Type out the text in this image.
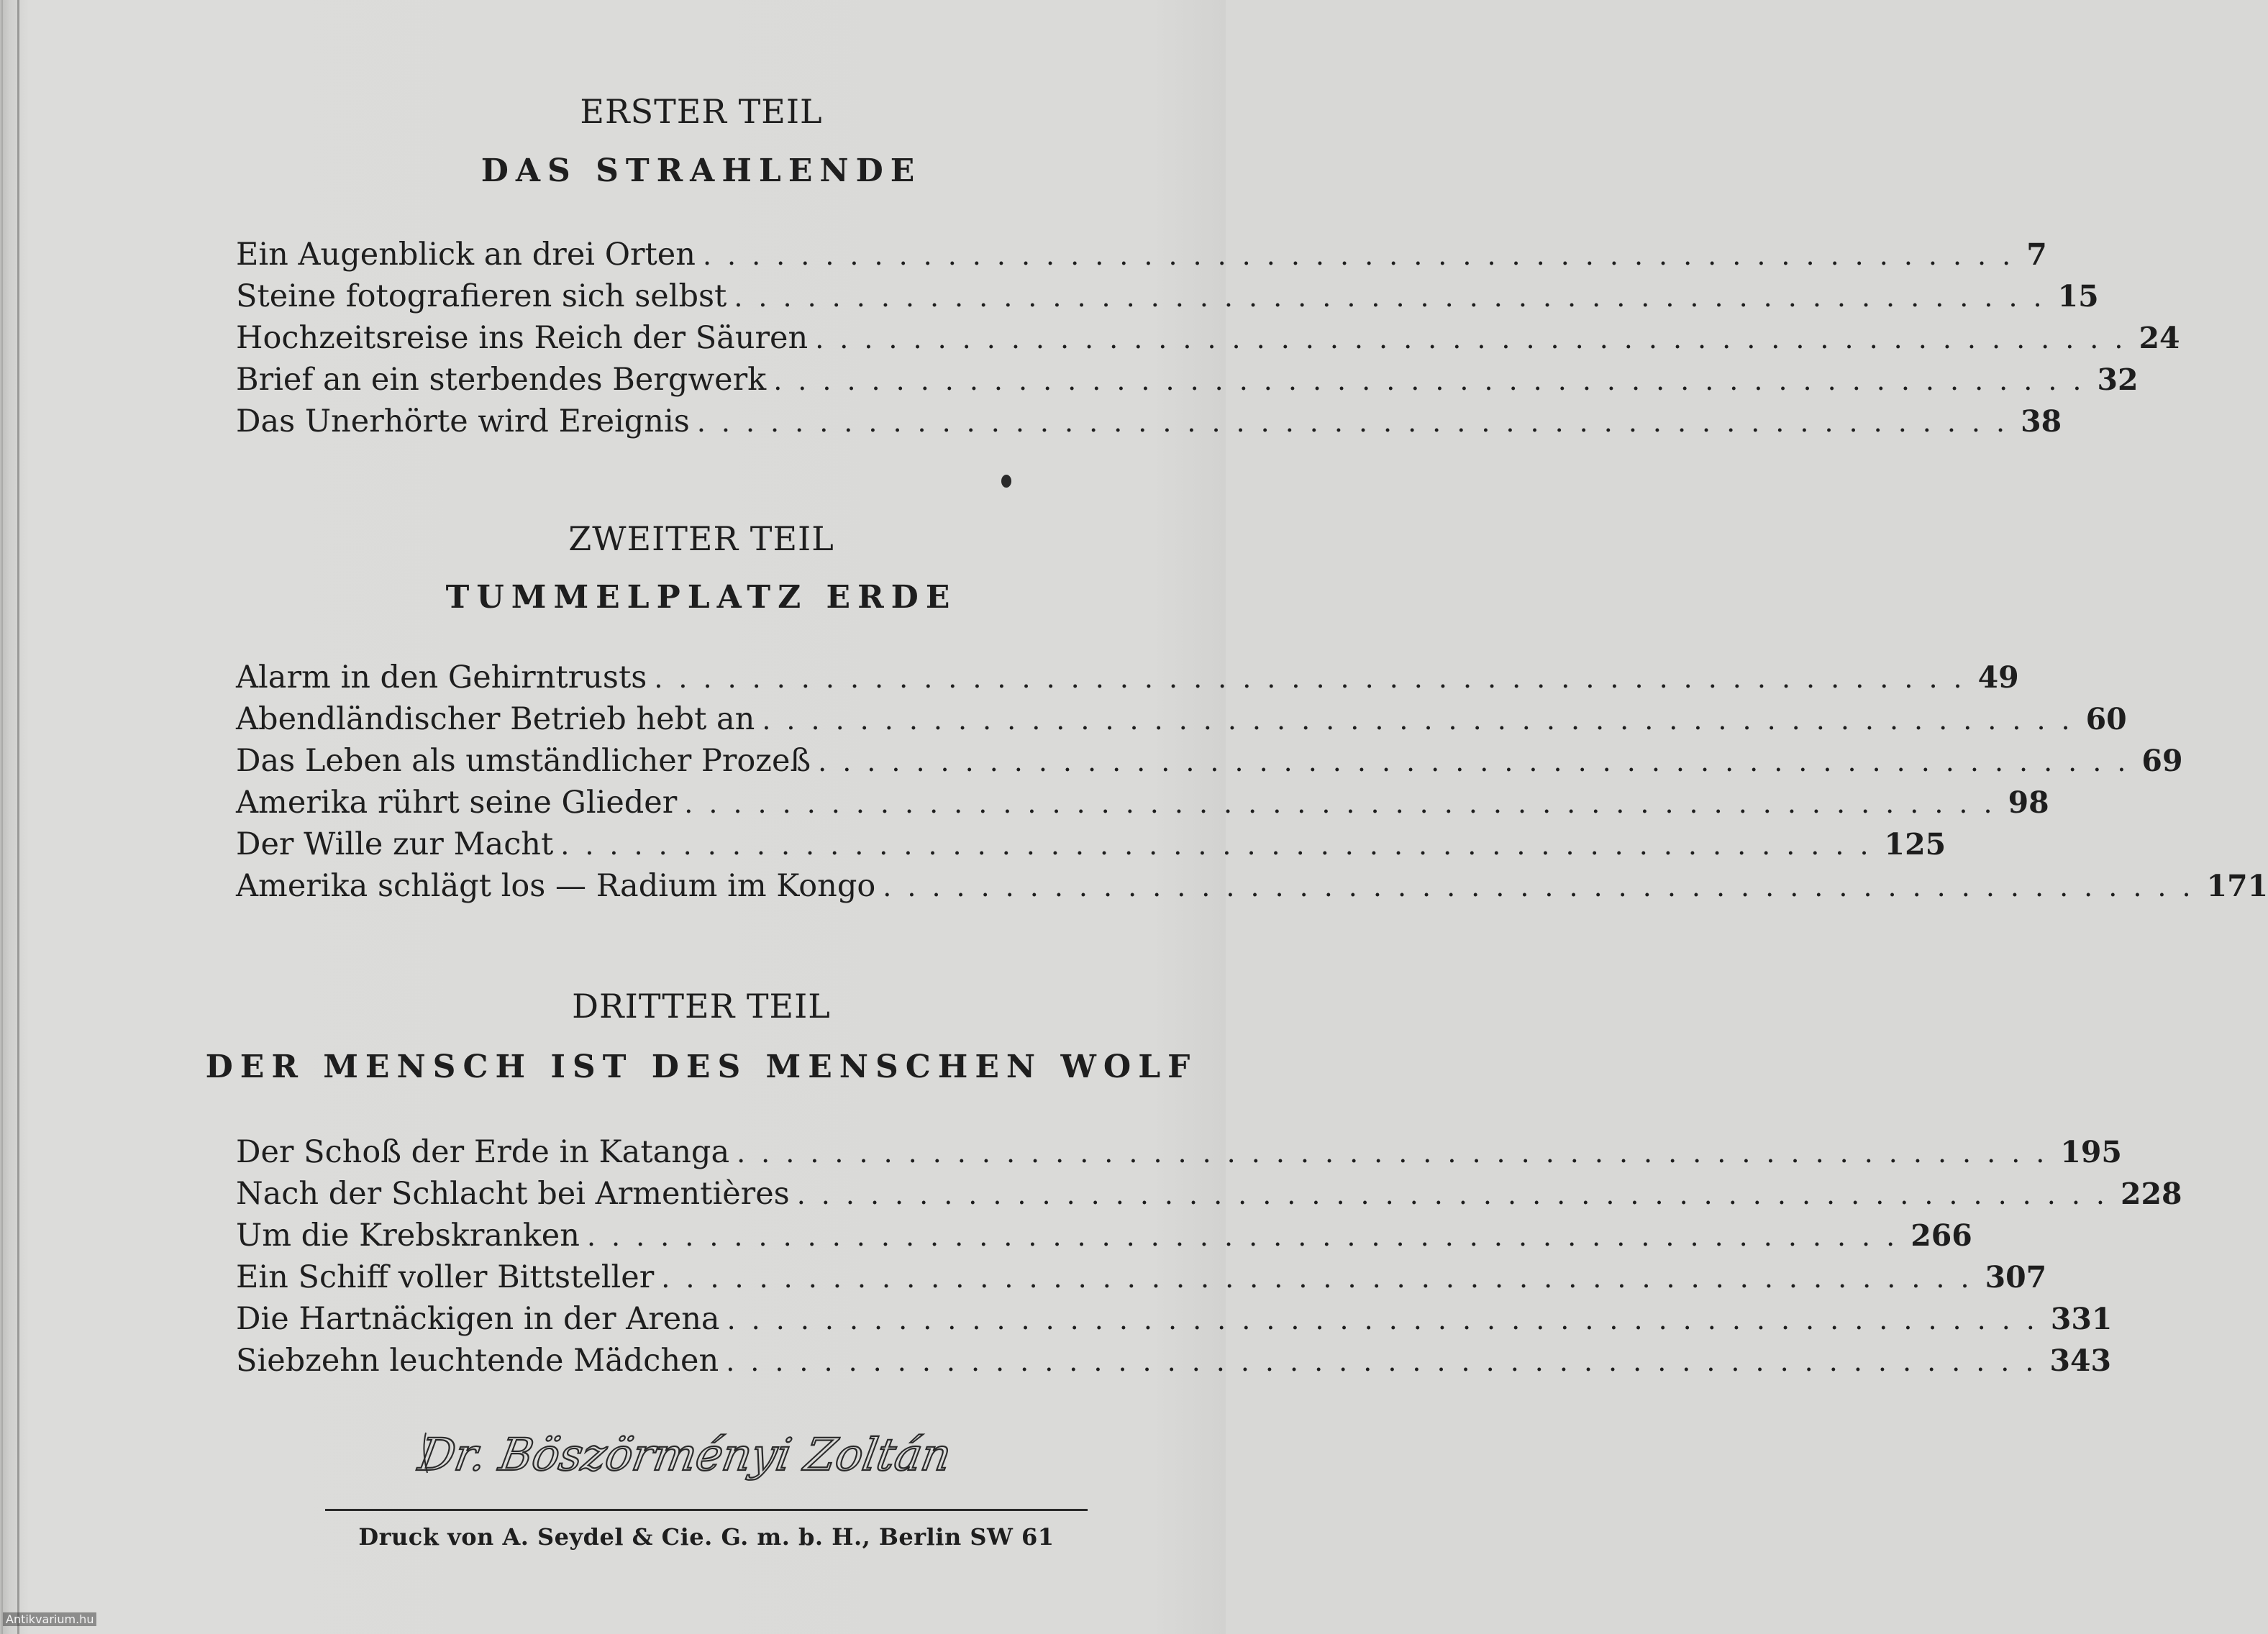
ERSTER TEIL
DAS STRAHLENDE
Ein Augenblick an drei Orten ...................................................... 7
Steine fotografieren sich selbst ...................................................... 15
Hochzeitsreise ins Reich der Säuren ...................................................... 24
Brief an ein sterbendes Bergwerk ...................................................... 32
Das Unerhörte wird Ereignis ...................................................... 38
ZWEITER TEIL
TUMMELPLATZ ERDE
Alarm in den Gehirntrusts ...................................................... 49
Abendländischer Betrieb hebt an ...................................................... 60
Das Leben als umständlicher Prozeß ...................................................... 69
Amerika rührt seine Glieder ...................................................... 98
Der Wille zur Macht ...................................................... 125
Amerika schlägt los — Radium im Kongo ...................................................... 171
DRITTER TEIL
DER MENSCH IST DES MENSCHEN WOLF
Der Schoß der Erde in Katanga ...................................................... 195
Nach der Schlacht bei Armentières ...................................................... 228
Um die Krebskranken ...................................................... 266
Ein Schiff voller Bittsteller ...................................................... 307
Die Hartnäckigen in der Arena ...................................................... 331
Siebzehn leuchtende Mädchen ...................................................... 343
Dr. Böszörményi Zoltán
Druck von A. Seydel & Cie. G. m. b. H., Berlin SW 61
Antikvarium.hu
